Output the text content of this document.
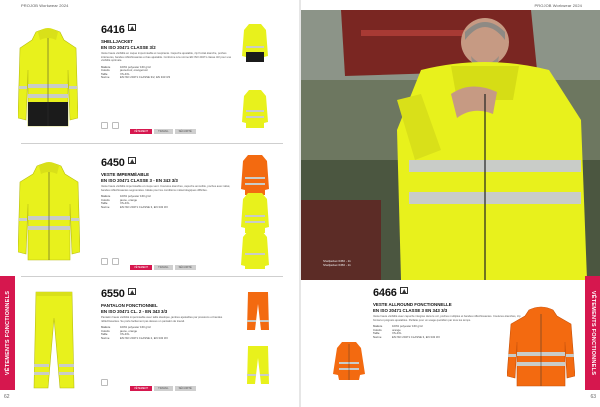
PROJOB Workwear 2024
6416
SHELLJACKET
EN ISO 20471 CLASSE 3/2
Veste haute visibilité en coque imperméable et respirante. Capuche ajustable, zip frontal étanche, poches intérieures, bandes réfléchissantes et bas ajustable. Conforme à la norme EN ISO 20471 classe 3/2 pour une visibilité optimale.
Matière	100% polyester 160 g/m²
Coloris	jaune/noir, orange/noir
Taille	XS-4XL
Norme	EN ISO 20471 CLASSE 3/2, EN 343 3/3
VÊTEMENT	TRAVAIL	SÉCURITÉ
6450
VESTE IMPERMÉABLE
EN ISO 20471 CLASSE 3 - EN 343 3/3
Veste haute visibilité imperméable et coupe-vent. Coutures étanches, capuche amovible, poches avec rabat, bandes réfléchissantes segmentées. Idéale pour les conditions météorologiques difficiles.
Matière	100% polyester 160 g/m²
Coloris	jaune, orange
Taille	XS-4XL
Norme	EN ISO 20471 CLASSE 3, EN 343 3/3
VÊTEMENT	TRAVAIL	SÉCURITÉ
6550
PANTALON FONCTIONNEL
EN ISO 20471 CL. 2 - EN 343 3/3
Pantalon haute visibilité imperméable avec taille élastique, jambes ajustables par pressions et bandes réfléchissantes. Se porte facilement par-dessus un pantalon de travail.
Matière	100% polyester 160 g/m²
Coloris	jaune, orange
Taille	XS-4XL
Norme	EN ISO 20471 CLASSE 2, EN 343 3/3
VÊTEMENT	TRAVAIL	SÉCURITÉ
VÊTEMENTS FONCTIONNELS
62
PROJOB Workwear 2024
Shelljacket 6450 - 11
Shelljacket 6450 - 11
6466
VESTE ALLROUND FONCTIONNELLE
EN ISO 20471 CLASSE 3 EN 343 3/3
Veste haute visibilité avec capuche intégrée dans le col, poches multiples et bandes réfléchissantes. Coutures étanches, zip frontal et poignets ajustables. Parfaite pour un usage quotidien par tous les temps.
Matière	100% polyester 160 g/m²
Coloris	orange
Taille	XS-4XL
Norme	EN ISO 20471 CLASSE 3, EN 343 3/3	VÊTEMENTS FONCTIONNELS
63
